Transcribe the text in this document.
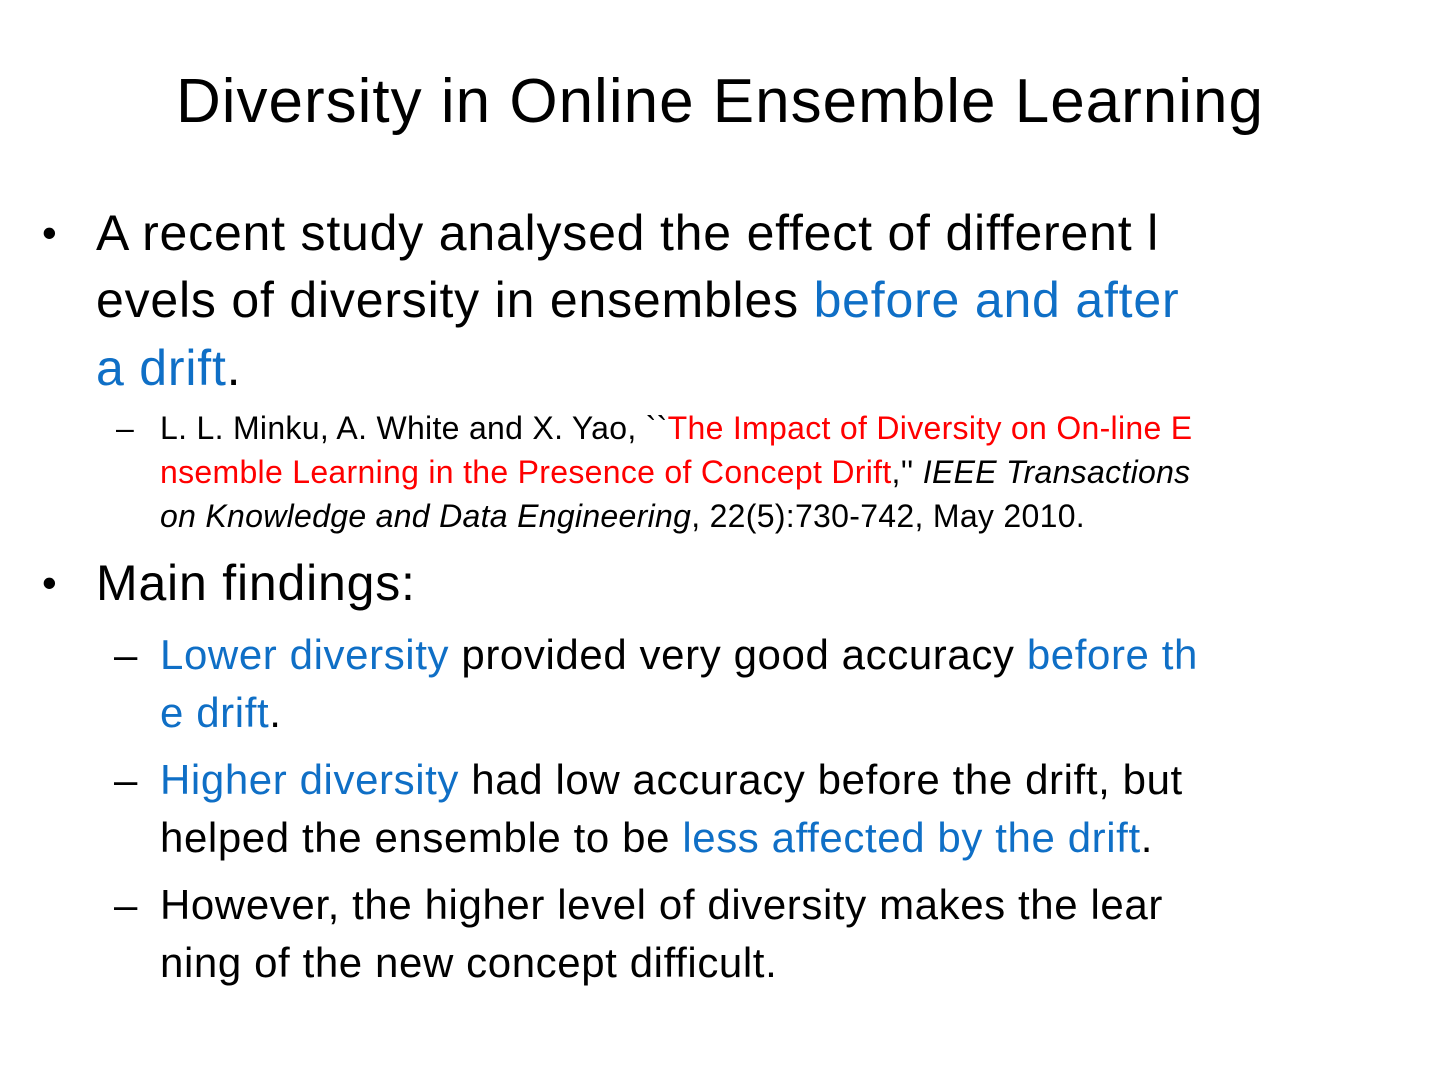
Diversity in Online Ensemble Learning
• A recent study analysed the effect of different l

evels of diversity in ensembles before and after

a drift.

– L. L. Minku, A. White and X. Yao, ``The Impact of Diversity on On-line E

nsemble Learning in the Presence of Concept Drift,'' IEEE Transactions

on Knowledge and Data Engineering, 22(5):730-742, May 2010.

• Main findings:

– Lower diversity provided very good accuracy before th

e drift.

– Higher diversity had low accuracy before the drift, but

helped the ensemble to be less affected by the drift.

– However, the higher level of diversity makes the lear

ning of the new concept difficult.
